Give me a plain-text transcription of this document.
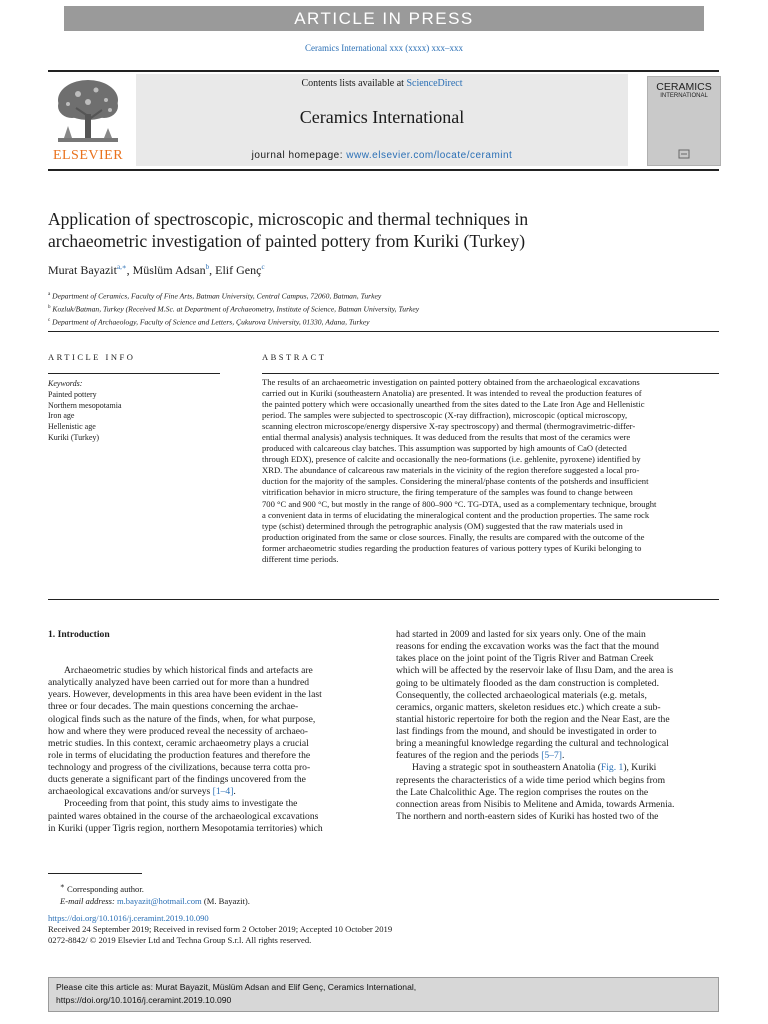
ARTICLE IN PRESS
Ceramics International xxx (xxxx) xxx–xxx
ELSEVIER
Contents lists available at ScienceDirect
Ceramics International
journal homepage: www.elsevier.com/locate/ceramint
CERAMICS
INTERNATIONAL
Application of spectroscopic, microscopic and thermal techniques in
archaeometric investigation of painted pottery from Kuriki (Turkey)
Murat Bayazit$^{a,∗}$, Müslüm Adsan$^b$, Elif Genç$^c$
$^a$ Department of Ceramics, Faculty of Fine Arts, Batman University, Central Campus, 72060, Batman, Turkey
$^b$ Kozluk/Batman, Turkey (Received M.Sc. at Department of Archaeometry, Institute of Science, Batman University, Turkey
$^c$ Department of Archaeology, Faculty of Science and Letters, Çukurova University, 01330, Adana, Turkey
ARTICLE INFO	ABSTRACT
Keywords:
Painted pottery
Northern mesopotamia
Iron age
Hellenistic age
Kuriki (Turkey)
The results of an archaeometric investigation on painted pottery obtained from the archaeological excavations
carried out in Kuriki (southeastern Anatolia) are presented. It was intended to reveal the production features of
the painted pottery which were occasionally unearthed from the sites dated to the Late Iron Age and Hellenistic
period. The samples were subjected to spectroscopic (X-ray diffraction), microscopic (optical microscopy,
scanning electron microscope/energy dispersive X-ray spectroscopy) and thermal (thermogravimetric-differ-
ential thermal analysis) analysis techniques. It was deduced from the results that most of the ceramics were
produced with calcareous clay batches. This assumption was supported by high amounts of CaO (detected
through EDX), presence of calcite and occasionally the neo-formations (i.e. gehlenite, pyroxene) identified by
XRD. The abundance of calcareous raw materials in the vicinity of the region therefore suggested a local pro-
duction for the majority of the samples. Considering the mineral/phase contents of the potsherds and insufficient
vitrification behavior in micro structure, the firing temperature of the samples was found to change between
700 °C and 900 °C, but mostly in the range of 800–900 °C. TG-DTA, used as a complementary technique, brought
a convenient data in terms of elucidating the mineralogical content and the production properties. The same rock
type (schist) determined through the petrographic analysis (OM) suggested that the raw materials used in
production originated from the same or close sources. Finally, the results are compared with the outcome of the
former archaeometric studies regarding the production features of various pottery types of Kuriki belonging to
different time periods.

1. Introduction

Archaeometric studies by which historical finds and artefacts are

analytically analyzed have been carried out for more than a hundred

years. However, developments in this area have been evident in the last

three or four decades. The main questions concerning the archae-

ological finds such as the nature of the finds, when, for what purpose,

how and where they were produced reveal the necessity of archaeo-

metric studies. In this context, ceramic archaeometry plays a crucial

role in terms of elucidating the production features and therefore the

technology and progress of the civilizations, because terra cotta pro-

ducts generate a significant part of the findings uncovered from the

archaeological excavations and/or surveys [1–4].

Proceeding from that point, this study aims to investigate the

painted wares obtained in the course of the archaeological excavations

in Kuriki (upper Tigris region, northern Mesopotamia territories) which

had started in 2009 and lasted for six years only. One of the main

reasons for ending the excavation works was the fact that the mound

takes place on the joint point of the Tigris River and Batman Creek

which will be affected by the reservoir lake of Ilısu Dam, and the area is

going to be ultimately flooded as the dam construction is completed.

Consequently, the collected archaeological materials (e.g. metals,

ceramics, organic matters, skeleton residues etc.) which create a sub-

stantial historic repertoire for both the region and the Near East, are the

last findings from the mound, and should be investigated in order to

bring a meaningful knowledge regarding the cultural and technological

features of the region and the periods [5–7].

Having a strategic spot in southeastern Anatolia (Fig. 1), Kuriki

represents the characteristics of a wide time period which begins from

the Late Chalcolithic Age. The region comprises the routes on the

connection areas from Nisibis to Melitene and Amida, towards Armenia.

The northern and north-eastern sides of Kuriki has hosted two of the

∗ Corresponding author.
E-mail address: m.bayazit@hotmail.com (M. Bayazit).
https://doi.org/10.1016/j.ceramint.2019.10.090
Received 24 September 2019; Received in revised form 2 October 2019; Accepted 10 October 2019
0272-8842/ © 2019 Elsevier Ltd and Techna Group S.r.l. All rights reserved.
Please cite this article as: Murat Bayazit, Müslüm Adsan and Elif Genç, Ceramics International,
https://doi.org/10.1016/j.ceramint.2019.10.090
